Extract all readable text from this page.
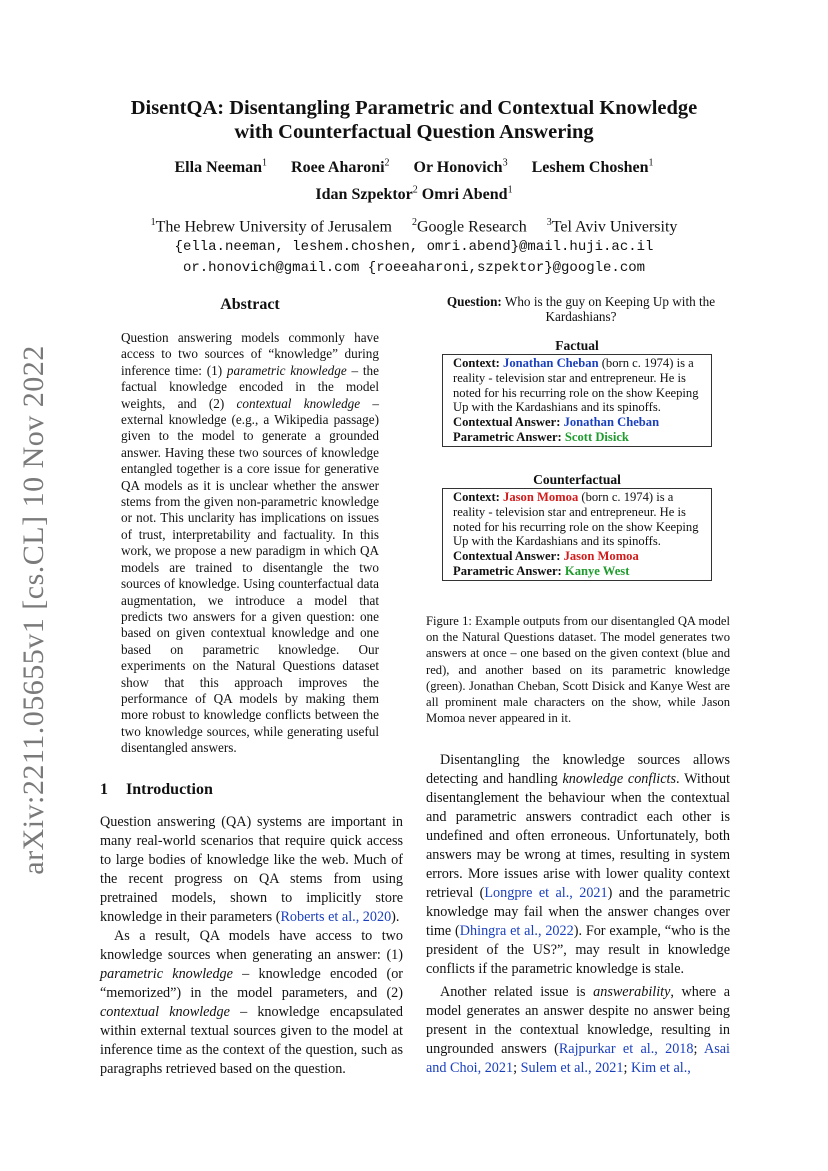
arXiv:2211.05655v1 [cs.CL] 10 Nov 2022
DisentQA: Disentangling Parametric and Contextual Knowledge
with Counterfactual Question Answering
Ella Neeman$^1$ Roee Aharoni$^2$ Or Honovich$^3$ Leshem Choshen$^1$
Idan Szpektor$^2$ Omri Abend$^1$
$^1$The Hebrew University of Jerusalem $^2$Google Research $^3$Tel Aviv University
{ella.neeman, leshem.choshen, omri.abend}@mail.huji.ac.il
or.honovich@gmail.com {roeeaharoni,szpektor}@google.com
Abstract
Question answering models commonly have access to two sources of “knowledge” during inference time: (1) parametric knowledge – the factual knowledge encoded in the model weights, and (2) contextual knowledge – external knowledge (e.g., a Wikipedia passage) given to the model to generate a grounded answer. Having these two sources of knowledge entangled together is a core issue for generative QA models as it is unclear whether the answer stems from the given non-parametric knowledge or not. This unclarity has implications on issues of trust, interpretability and factuality. In this work, we propose a new paradigm in which QA models are trained to disentangle the two sources of knowledge. Using counterfactual data augmentation, we introduce a model that predicts two answers for a given question: one based on given contextual knowledge and one based on parametric knowledge. Our experiments on the Natural Questions dataset show that this approach improves the performance of QA models by making them more robust to knowledge conflicts between the two knowledge sources, while generating useful disentangled answers.
1 Introduction

Question answering (QA) systems are important in many real-world scenarios that require quick access to large bodies of knowledge like the web. Much of the recent progress on QA stems from using pretrained models, shown to implicitly store knowledge in their parameters (Roberts et al., 2020).

As a result, QA models have access to two knowledge sources when generating an answer: (1) parametric knowledge – knowledge encoded (or “memorized”) in the model parameters, and (2) contextual knowledge – knowledge encapsulated within external textual sources given to the model at inference time as the context of the question, such as paragraphs retrieved based on the question.

Question: Who is the guy on Keeping Up with the Kardashians?
Factual
Context: Jonathan Cheban (born c. 1974) is a reality - television star and entrepreneur. He is noted for his recurring role on the show Keeping Up with the Kardashians and its spinoffs.
Contextual Answer: Jonathan Cheban
Parametric Answer: Scott Disick
Counterfactual
Context: Jason Momoa (born c. 1974) is a reality - television star and entrepreneur. He is noted for his recurring role on the show Keeping Up with the Kardashians and its spinoffs.
Contextual Answer: Jason Momoa
Parametric Answer: Kanye West
Figure 1: Example outputs from our disentangled QA model on the Natural Questions dataset. The model generates two answers at once – one based on the given context (blue and red), and another based on its parametric knowledge (green). Jonathan Cheban, Scott Disick and Kanye West are all prominent male characters on the show, while Jason Momoa never appeared in it.

Disentangling the knowledge sources allows detecting and handling knowledge conflicts. Without disentanglement the behaviour when the contextual and parametric answers contradict each other is undefined and often erroneous. Unfortunately, both answers may be wrong at times, resulting in system errors. More issues arise with lower quality context retrieval (Longpre et al., 2021) and the parametric knowledge may fail when the answer changes over time (Dhingra et al., 2022). For example, “who is the president of the US?”, may result in knowledge conflicts if the parametric knowledge is stale.

Another related issue is answerability, where a model generates an answer despite no answer being present in the contextual knowledge, resulting in ungrounded answers (Rajpurkar et al., 2018; Asai and Choi, 2021; Sulem et al., 2021; Kim et al.,
